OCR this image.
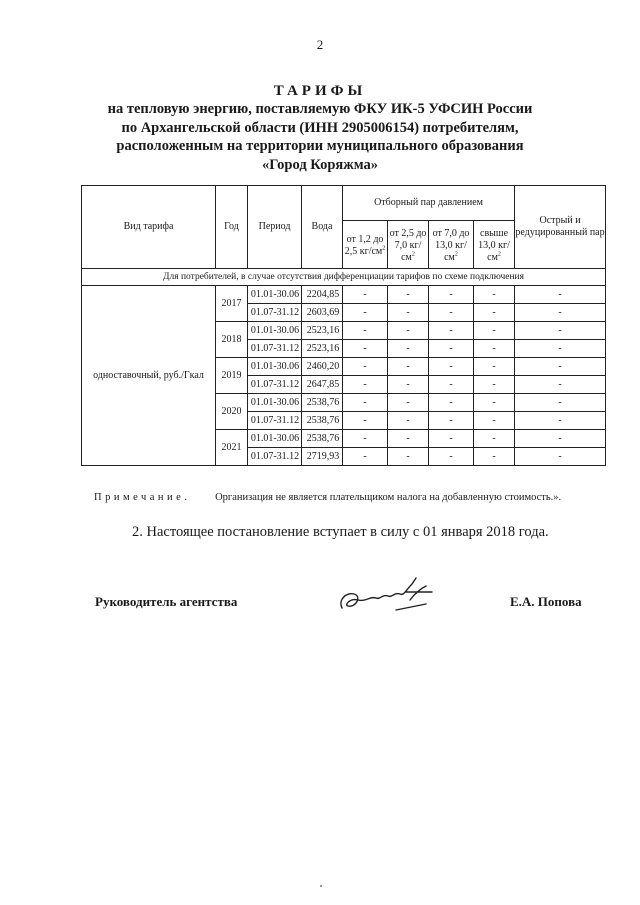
2
ТАРИФЫ
на тепловую энергию, поставляемую ФКУ ИК-5 УФСИН России
по Архангельской области (ИНН 2905006154) потребителям,
расположенным на территории муниципального образования
«Город Коряжма»
Вид тарифа	Год	Период	Вода	Отборный пар давлением				Острый и редуцированный пар
				от 1,2 до 2,5 $кг/см^2$	от 2,5 до 7,0 $кг/см^2$	от 7,0 до 13,0 $кг/см^2$	свыше 13,0 $кг/см^2$
Для потребителей, в случае отсутствия дифференциации тарифов по схеме подключения								
одноставочный, руб./Гкал	2017	01.01-30.06	2204,85	-	-	-	-	-
		01.07-31.12	2603,69	-	-	-	-	-
	2018	01.01-30.06	2523,16	-	-	-	-	-
		01.07-31.12	2523,16	-	-	-	-	-
	2019	01.01-30.06	2460,20	-	-	-	-	-
		01.07-31.12	2647,85	-	-	-	-	-
	2020	01.01-30.06	2538,76	-	-	-	-	-
		01.07-31.12	2538,76	-	-	-	-	-
	2021	01.01-30.06	2538,76	-	-	-	-	-
		01.07-31.12	2719,93	-	-	-	-	-
Примечание. Организация не является плательщиком налога на добавленную стоимость.».
2. Настоящее постановление вступает в силу с 01 января 2018 года.
Руководитель агентства	Е.А. Попова
